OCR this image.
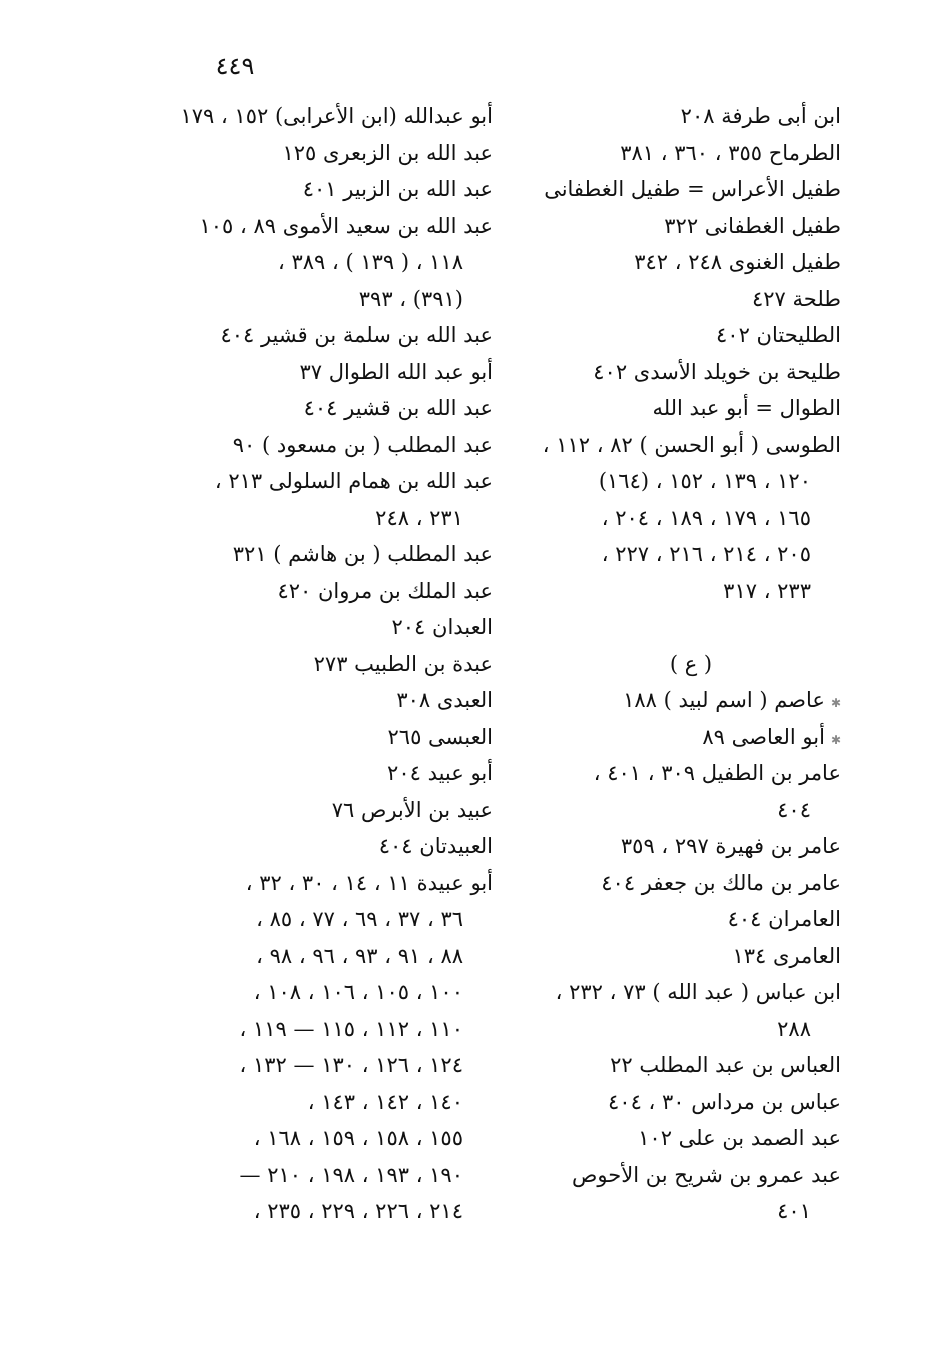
٤٤٩
ابن أبى طرفة ٢٠٨
الطرماح ٣٥٥ ، ٣٦٠ ، ٣٨١
طفيل الأعراس = طفيل الغطفانى
طفيل الغطفانى ٣٢٢
طفيل الغنوى ٢٤٨ ، ٣٤٢
طلحة ٤٢٧
الطليحتان ٤٠٢
طليحة بن خويلد الأسدى ٤٠٢
الطوال = أبو عبد الله
الطوسى ( أبو الحسن ) ٨٢ ، ١١٢ ،
١٢٠ ، ١٣٩ ، ١٥٢ ، (١٦٤)
١٦٥ ، ١٧٩ ، ١٨٩ ، ٢٠٤ ،
٢٠٥ ، ٢١٤ ، ٢١٦ ، ٢٢٧ ،
٢٣٣ ، ٣١٧
( ع )
✱عاصم ( اسم لبيد ) ١٨٨
✱أبو العاصى ٨٩
عامر بن الطفيل ٣٠٩ ، ٤٠١ ،
٤٠٤
عامر بن فهيرة ٢٩٧ ، ٣٥٩
عامر بن مالك بن جعفر ٤٠٤
العامران ٤٠٤
العامرى ١٣٤
ابن عباس ( عبد الله ) ٧٣ ، ٢٣٢ ،
٢٨٨
العباس بن عبد المطلب ٢٢
عباس بن مرداس ٣٠ ، ٤٠٤
عبد الصمد بن على ١٠٢
عبد عمرو بن شريح بن الأحوص
٤٠١
أبو عبدالله (ابن الأعرابى) ١٥٢ ، ١٧٩
عبد الله بن الزبعرى ١٢٥
عبد الله بن الزبير ٤٠١
عبد الله بن سعيد الأموى ٨٩ ، ١٠٥
١١٨ ، ( ١٣٩ ) ، ٣٨٩ ،
(٣٩١) ، ٣٩٣
عبد الله بن سلمة بن قشير ٤٠٤
أبو عبد الله الطوال ٣٧
عبد الله بن قشير ٤٠٤
عبد المطلب ( بن مسعود ) ٩٠
عبد الله بن همام السلولى ٢١٣ ،
٢٣١ ، ٢٤٨
عبد المطلب ( بن هاشم ) ٣٢١
عبد الملك بن مروان ٤٢٠
العبدان ٢٠٤
عبدة بن الطبيب ٢٧٣
العبدى ٣٠٨
العبسى ٢٦٥
أبو عبيد ٢٠٤
عبيد بن الأبرص ٧٦
العبيدتان ٤٠٤
أبو عبيدة ١١ ، ١٤ ، ٣٠ ، ٣٢ ،
٣٦ ، ٣٧ ، ٦٩ ، ٧٧ ، ٨٥ ،
٨٨ ، ٩١ ، ٩٣ ، ٩٦ ، ٩٨ ،
١٠٠ ، ١٠٥ ، ١٠٦ ، ١٠٨ ،
١١٠ ، ١١٢ ، ١١٥ — ١١٩ ،
١٢٤ ، ١٢٦ ، ١٣٠ — ١٣٢ ،
١٤٠ ، ١٤٢ ، ١٤٣ ،
١٥٥ ، ١٥٨ ، ١٥٩ ، ١٦٨ ،
١٩٠ ، ١٩٣ ، ١٩٨ ، ٢١٠ —
٢١٤ ، ٢٢٦ ، ٢٢٩ ، ٢٣٥ ،
